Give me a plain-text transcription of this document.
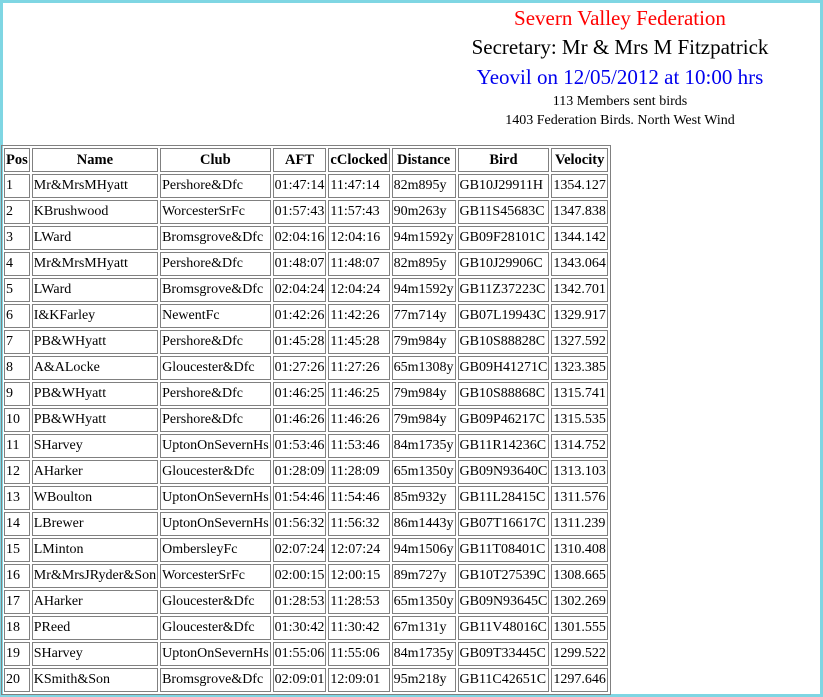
Severn Valley Federation
Secretary: Mr & Mrs M Fitzpatrick
Yeovil on 12/05/2012 at 10:00 hrs
113 Members sent birds
1403 Federation Birds. North West Wind
Pos	Name	Club	AFT	cClocked	Distance	Bird	Velocity
1	Mr&MrsMHyatt	Pershore&Dfc	01:47:14	11:47:14	82m895y	GB10J29911H	1354.127
2	KBrushwood	WorcesterSrFc	01:57:43	11:57:43	90m263y	GB11S45683C	1347.838
3	LWard	Bromsgrove&Dfc	02:04:16	12:04:16	94m1592y	GB09F28101C	1344.142
4	Mr&MrsMHyatt	Pershore&Dfc	01:48:07	11:48:07	82m895y	GB10J29906C	1343.064
5	LWard	Bromsgrove&Dfc	02:04:24	12:04:24	94m1592y	GB11Z37223C	1342.701
6	I&KFarley	NewentFc	01:42:26	11:42:26	77m714y	GB07L19943C	1329.917
7	PB&WHyatt	Pershore&Dfc	01:45:28	11:45:28	79m984y	GB10S88828C	1327.592
8	A&ALocke	Gloucester&Dfc	01:27:26	11:27:26	65m1308y	GB09H41271C	1323.385
9	PB&WHyatt	Pershore&Dfc	01:46:25	11:46:25	79m984y	GB10S88868C	1315.741
10	PB&WHyatt	Pershore&Dfc	01:46:26	11:46:26	79m984y	GB09P46217C	1315.535
11	SHarvey	UptonOnSevernHs	01:53:46	11:53:46	84m1735y	GB11R14236C	1314.752
12	AHarker	Gloucester&Dfc	01:28:09	11:28:09	65m1350y	GB09N93640C	1313.103
13	WBoulton	UptonOnSevernHs	01:54:46	11:54:46	85m932y	GB11L28415C	1311.576
14	LBrewer	UptonOnSevernHs	01:56:32	11:56:32	86m1443y	GB07T16617C	1311.239
15	LMinton	OmbersleyFc	02:07:24	12:07:24	94m1506y	GB11T08401C	1310.408
16	Mr&MrsJRyder&Son	WorcesterSrFc	02:00:15	12:00:15	89m727y	GB10T27539C	1308.665
17	AHarker	Gloucester&Dfc	01:28:53	11:28:53	65m1350y	GB09N93645C	1302.269
18	PReed	Gloucester&Dfc	01:30:42	11:30:42	67m131y	GB11V48016C	1301.555
19	SHarvey	UptonOnSevernHs	01:55:06	11:55:06	84m1735y	GB09T33445C	1299.522
20	KSmith&Son	Bromsgrove&Dfc	02:09:01	12:09:01	95m218y	GB11C42651C	1297.646
